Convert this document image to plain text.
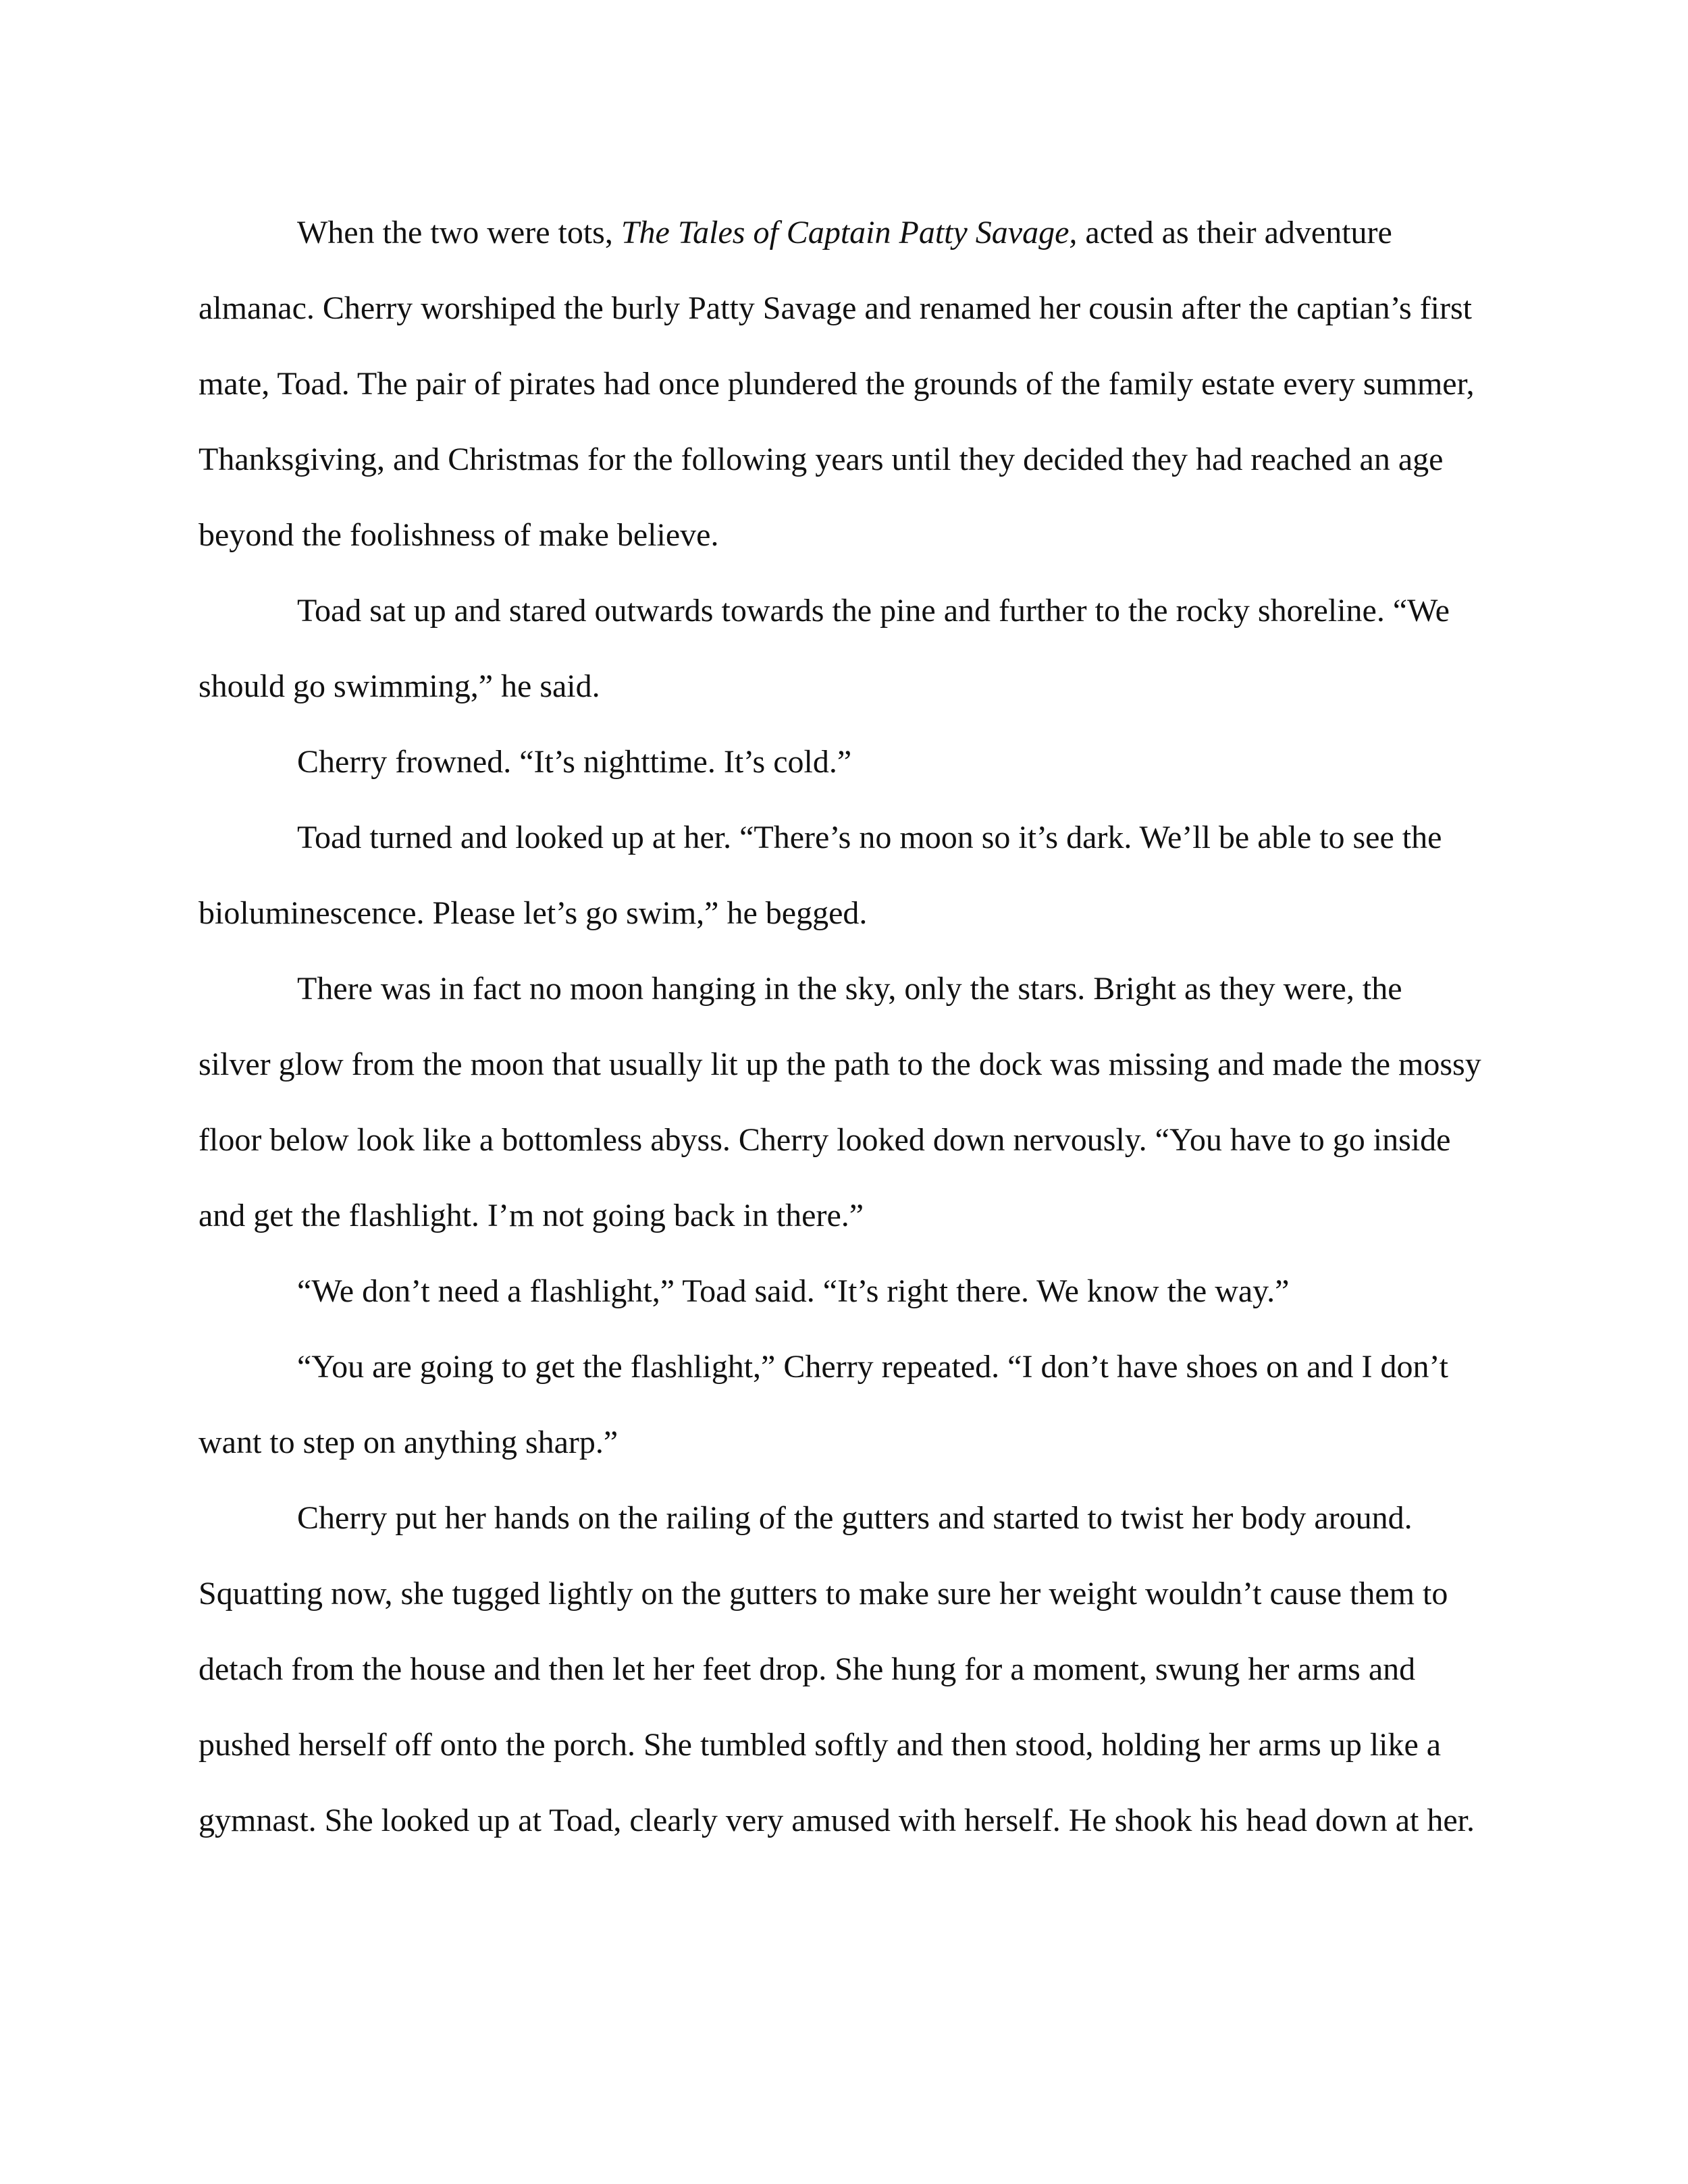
When the two were tots, The Tales of Captain Patty Savage, acted as their adventure almanac. Cherry worshiped the burly Patty Savage and renamed her cousin after the captian’s first mate, Toad. The pair of pirates had once plundered the grounds of the family estate every summer, Thanksgiving, and Christmas for the following years until they decided they had reached an age beyond the foolishness of make believe.

Toad sat up and stared outwards towards the pine and further to the rocky shoreline. “We should go swimming,” he said.

Cherry frowned. “It’s nighttime. It’s cold.”

Toad turned and looked up at her. “There’s no moon so it’s dark. We’ll be able to see the bioluminescence. Please let’s go swim,” he begged.

There was in fact no moon hanging in the sky, only the stars. Bright as they were, the silver glow from the moon that usually lit up the path to the dock was missing and made the mossy floor below look like a bottomless abyss. Cherry looked down nervously. “You have to go inside and get the flashlight. I’m not going back in there.”

“We don’t need a flashlight,” Toad said. “It’s right there. We know the way.”

“You are going to get the flashlight,” Cherry repeated. “I don’t have shoes on and I don’t want to step on anything sharp.”

Cherry put her hands on the railing of the gutters and started to twist her body around. Squatting now, she tugged lightly on the gutters to make sure her weight wouldn’t cause them to detach from the house and then let her feet drop. She hung for a moment, swung her arms and pushed herself off onto the porch. She tumbled softly and then stood, holding her arms up like a gymnast. She looked up at Toad, clearly very amused with herself. He shook his head down at her.
